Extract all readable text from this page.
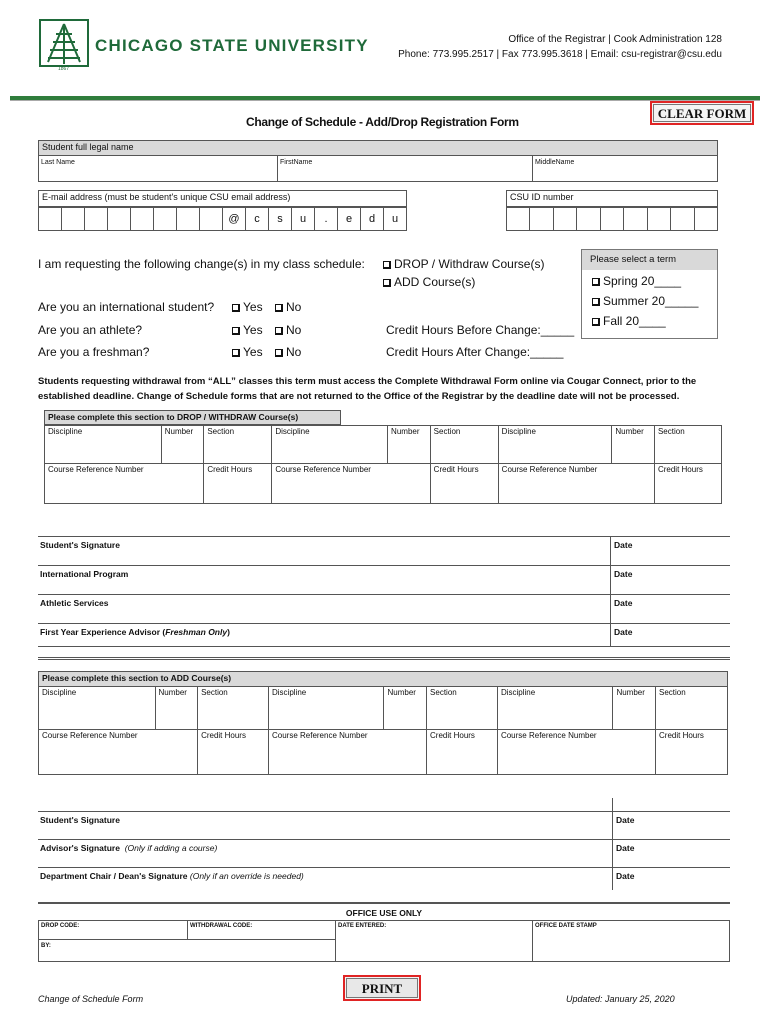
1867
CHICAGO STATE UNIVERSITY	Office of the Registrar | Cook Administration 128
Phone: 773.995.2517 | Fax 773.995.3618 | Email: csu-registrar@csu.edu
CLEAR FORM
Change of Schedule - Add/Drop Registration Form
Student full legal name
Last Name	FirstName	MiddleName
E-mail address (must be student's unique CSU email address)
@	c	s	u	.	e	d	u
CSU ID number
I am requesting the following change(s) in my class schedule:	DROP / Withdraw Course(s)
ADD Course(s)
Are you an international student?	Yes	No
Are you an athlete?	Yes	No	Credit Hours Before Change:_____
Are you a freshman?	Yes	No	Credit Hours After Change:_____
Please select a term
Spring 20____
Summer 20_____
Fall 20____
Students requesting withdrawal from “ALL” classes this term must access the Complete Withdrawal Form online via Cougar Connect, prior to the established deadline. Change of Schedule forms that are not returned to the Office of the Registrar by the deadline date will not be processed.
Please complete this section to DROP / WITHDRAW Course(s)
Discipline	Number	Section	Discipline	Number	Section	Discipline	Number	Section
Course Reference Number		Credit Hours	Course Reference Number		Credit Hours	Course Reference Number		Credit Hours
Student's Signature	Date
International Program	Date
Athletic Services	Date
First Year Experience Advisor (Freshman Only)	Date
Please complete this section to ADD Course(s)
Discipline	Number	Section	Discipline	Number	Section	Discipline	Number	Section
Course Reference Number		Credit Hours	Course Reference Number		Credit Hours	Course Reference Number		Credit Hours
Student's Signature	Date
Advisor's Signature (Only if adding a course)	Date
Department Chair / Dean's Signature (Only if an override is needed)	Date
OFFICE USE ONLY
DROP CODE:	WITHDRAWAL CODE:	DATE ENTERED:	OFFICE DATE STAMP
BY:
PRINT
Change of Schedule Form	Updated: January 25, 2020
